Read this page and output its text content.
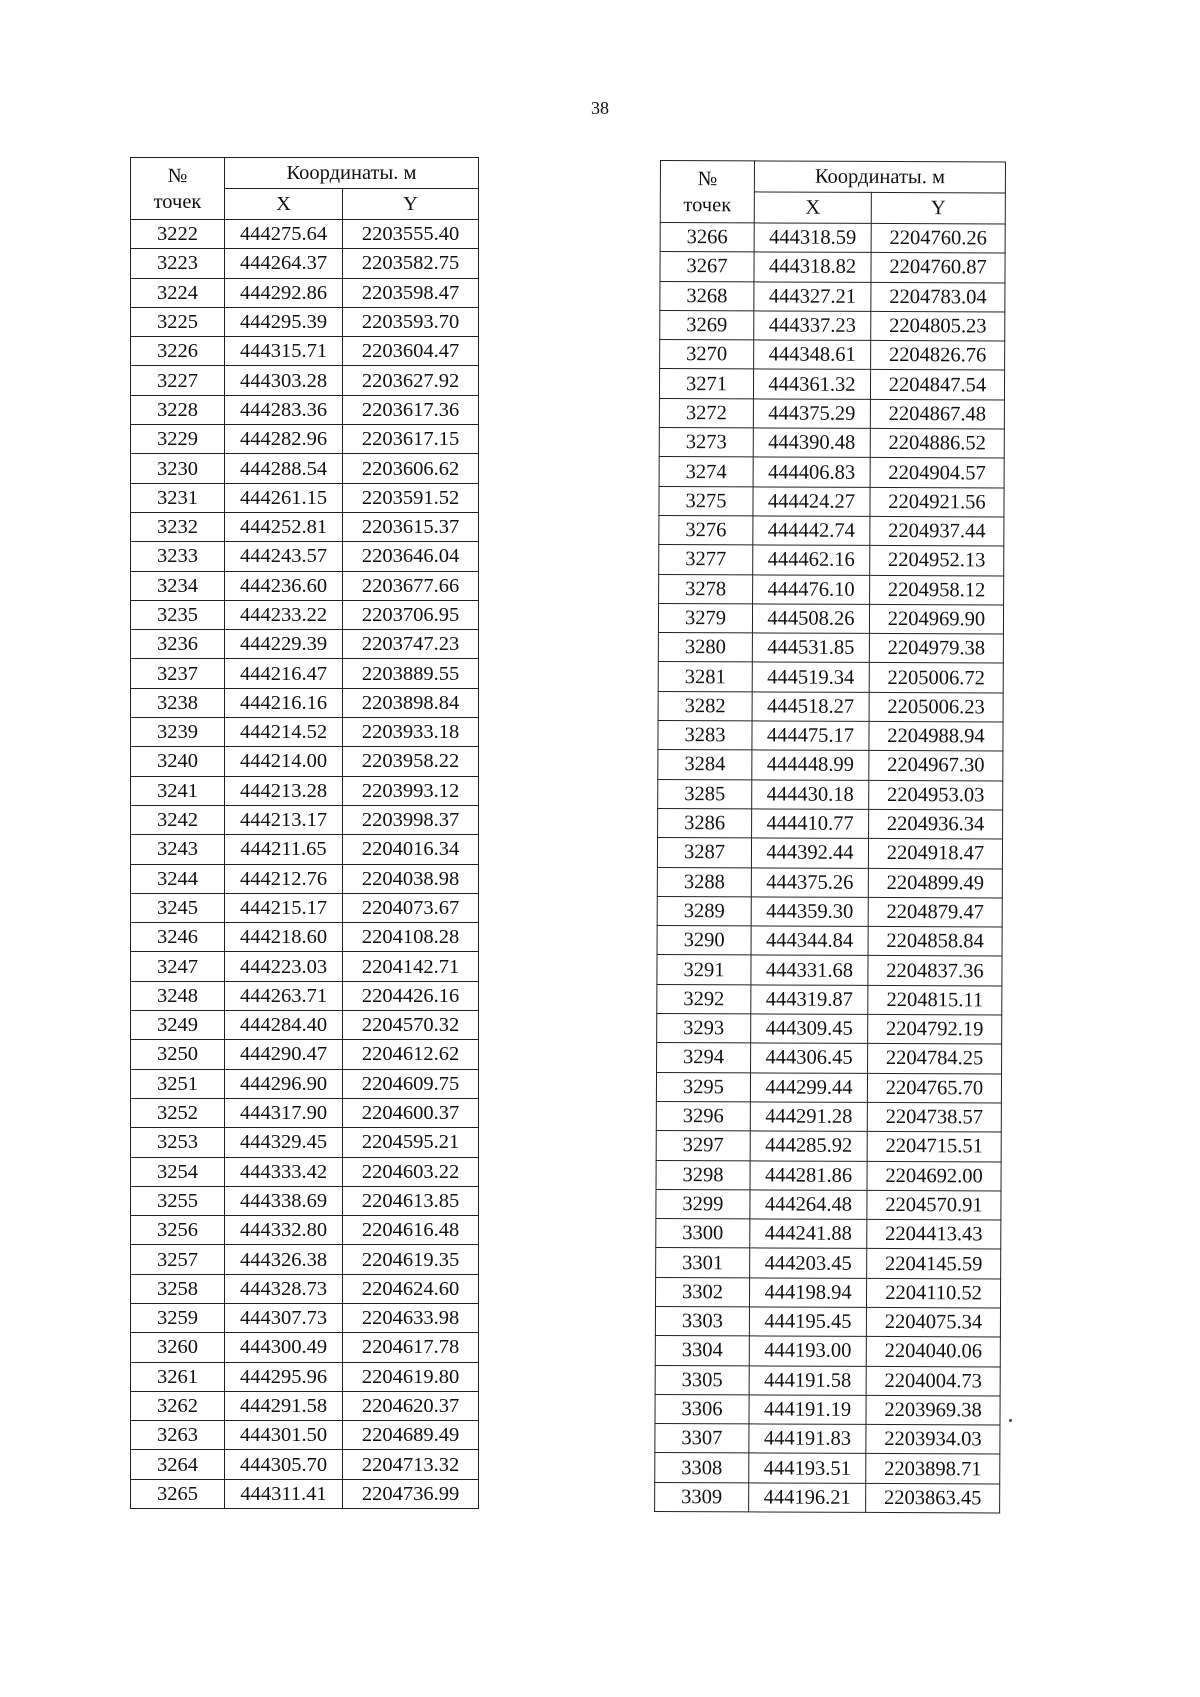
38
№
точек	Координаты. м	
	X	Y
3222	444275.64	2203555.40
3223	444264.37	2203582.75
3224	444292.86	2203598.47
3225	444295.39	2203593.70
3226	444315.71	2203604.47
3227	444303.28	2203627.92
3228	444283.36	2203617.36
3229	444282.96	2203617.15
3230	444288.54	2203606.62
3231	444261.15	2203591.52
3232	444252.81	2203615.37
3233	444243.57	2203646.04
3234	444236.60	2203677.66
3235	444233.22	2203706.95
3236	444229.39	2203747.23
3237	444216.47	2203889.55
3238	444216.16	2203898.84
3239	444214.52	2203933.18
3240	444214.00	2203958.22
3241	444213.28	2203993.12
3242	444213.17	2203998.37
3243	444211.65	2204016.34
3244	444212.76	2204038.98
3245	444215.17	2204073.67
3246	444218.60	2204108.28
3247	444223.03	2204142.71
3248	444263.71	2204426.16
3249	444284.40	2204570.32
3250	444290.47	2204612.62
3251	444296.90	2204609.75
3252	444317.90	2204600.37
3253	444329.45	2204595.21
3254	444333.42	2204603.22
3255	444338.69	2204613.85
3256	444332.80	2204616.48
3257	444326.38	2204619.35
3258	444328.73	2204624.60
3259	444307.73	2204633.98
3260	444300.49	2204617.78
3261	444295.96	2204619.80
3262	444291.58	2204620.37
3263	444301.50	2204689.49
3264	444305.70	2204713.32
3265	444311.41	2204736.99
№
точек	Координаты. м	
	X	Y
3266	444318.59	2204760.26
3267	444318.82	2204760.87
3268	444327.21	2204783.04
3269	444337.23	2204805.23
3270	444348.61	2204826.76
3271	444361.32	2204847.54
3272	444375.29	2204867.48
3273	444390.48	2204886.52
3274	444406.83	2204904.57
3275	444424.27	2204921.56
3276	444442.74	2204937.44
3277	444462.16	2204952.13
3278	444476.10	2204958.12
3279	444508.26	2204969.90
3280	444531.85	2204979.38
3281	444519.34	2205006.72
3282	444518.27	2205006.23
3283	444475.17	2204988.94
3284	444448.99	2204967.30
3285	444430.18	2204953.03
3286	444410.77	2204936.34
3287	444392.44	2204918.47
3288	444375.26	2204899.49
3289	444359.30	2204879.47
3290	444344.84	2204858.84
3291	444331.68	2204837.36
3292	444319.87	2204815.11
3293	444309.45	2204792.19
3294	444306.45	2204784.25
3295	444299.44	2204765.70
3296	444291.28	2204738.57
3297	444285.92	2204715.51
3298	444281.86	2204692.00
3299	444264.48	2204570.91
3300	444241.88	2204413.43
3301	444203.45	2204145.59
3302	444198.94	2204110.52
3303	444195.45	2204075.34
3304	444193.00	2204040.06
3305	444191.58	2204004.73
3306	444191.19	2203969.38
3307	444191.83	2203934.03
3308	444193.51	2203898.71
3309	444196.21	2203863.45
